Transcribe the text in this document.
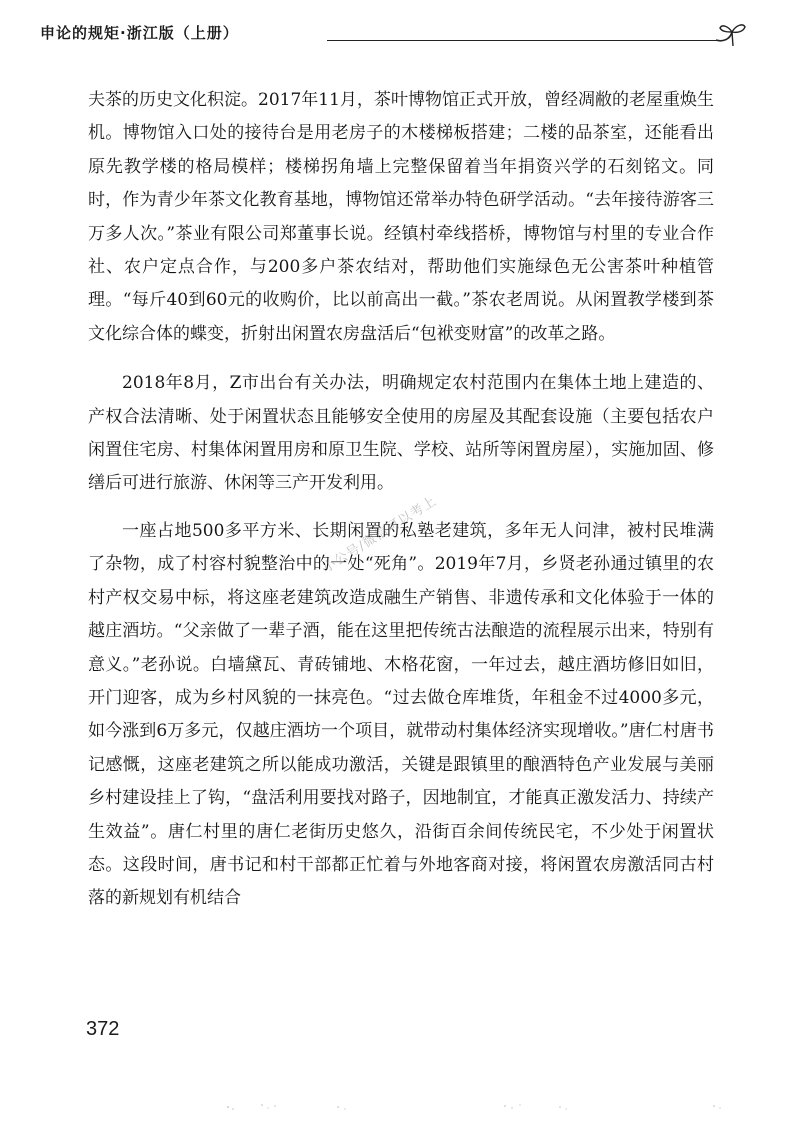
申论的规矩·浙江版（上册）

夫茶的历史文化积淀。2017年11月，茶叶博物馆正式开放，曾经凋敝的老屋重焕生机。博物馆入口处的接待台是用老房子的木楼梯板搭建；二楼的品茶室，还能看出原先教学楼的格局模样；楼梯拐角墙上完整保留着当年捐资兴学的石刻铭文。同时，作为青少年茶文化教育基地，博物馆还常举办特色研学活动。“去年接待游客三万多人次。”茶业有限公司郑董事长说。经镇村牵线搭桥，博物馆与村里的专业合作社、农户定点合作，与200多户茶农结对，帮助他们实施绿色无公害茶叶种植管理。“每斤40到60元的收购价，比以前高出一截。”茶农老周说。从闲置教学楼到茶文化综合体的蝶变，折射出闲置农房盘活后“包袱变财富”的改革之路。

2018年8月，Z市出台有关办法，明确规定农村范围内在集体土地上建造的、产权合法清晰、处于闲置状态且能够安全使用的房屋及其配套设施（主要包括农户闲置住宅房、村集体闲置用房和原卫生院、学校、站所等闲置房屋），实施加固、修缮后可进行旅游、休闲等三产开发利用。

一座占地500多平方米、长期闲置的私塾老建筑，多年无人问津，被村民堆满了杂物，成了村容村貌整治中的一处“死角”。2019年7月，乡贤老孙通过镇里的农村产权交易中标，将这座老建筑改造成融生产销售、非遗传承和文化体验于一体的越庄酒坊。“父亲做了一辈子酒，能在这里把传统古法酿造的流程展示出来，特别有意义。”老孙说。白墙黛瓦、青砖铺地、木格花窗，一年过去，越庄酒坊修旧如旧，开门迎客，成为乡村风貌的一抹亮色。“过去做仓库堆货，年租金不过4000多元，如今涨到6万多元，仅越庄酒坊一个项目，就带动村集体经济实现增收。”唐仁村唐书记感慨，这座老建筑之所以能成功激活，关键是跟镇里的酿酒特色产业发展与美丽乡村建设挂上了钩，“盘活利用要找对路子，因地制宜，才能真正激发活力、持续产生效益”。唐仁村里的唐仁老街历史悠久，沿街百余间传统民宅，不少处于闲置状态。这段时间，唐书记和村干部都正忙着与外地客商对接，将闲置农房激活同古村落的新规划有机结合

小公号/微信可以考上
372
